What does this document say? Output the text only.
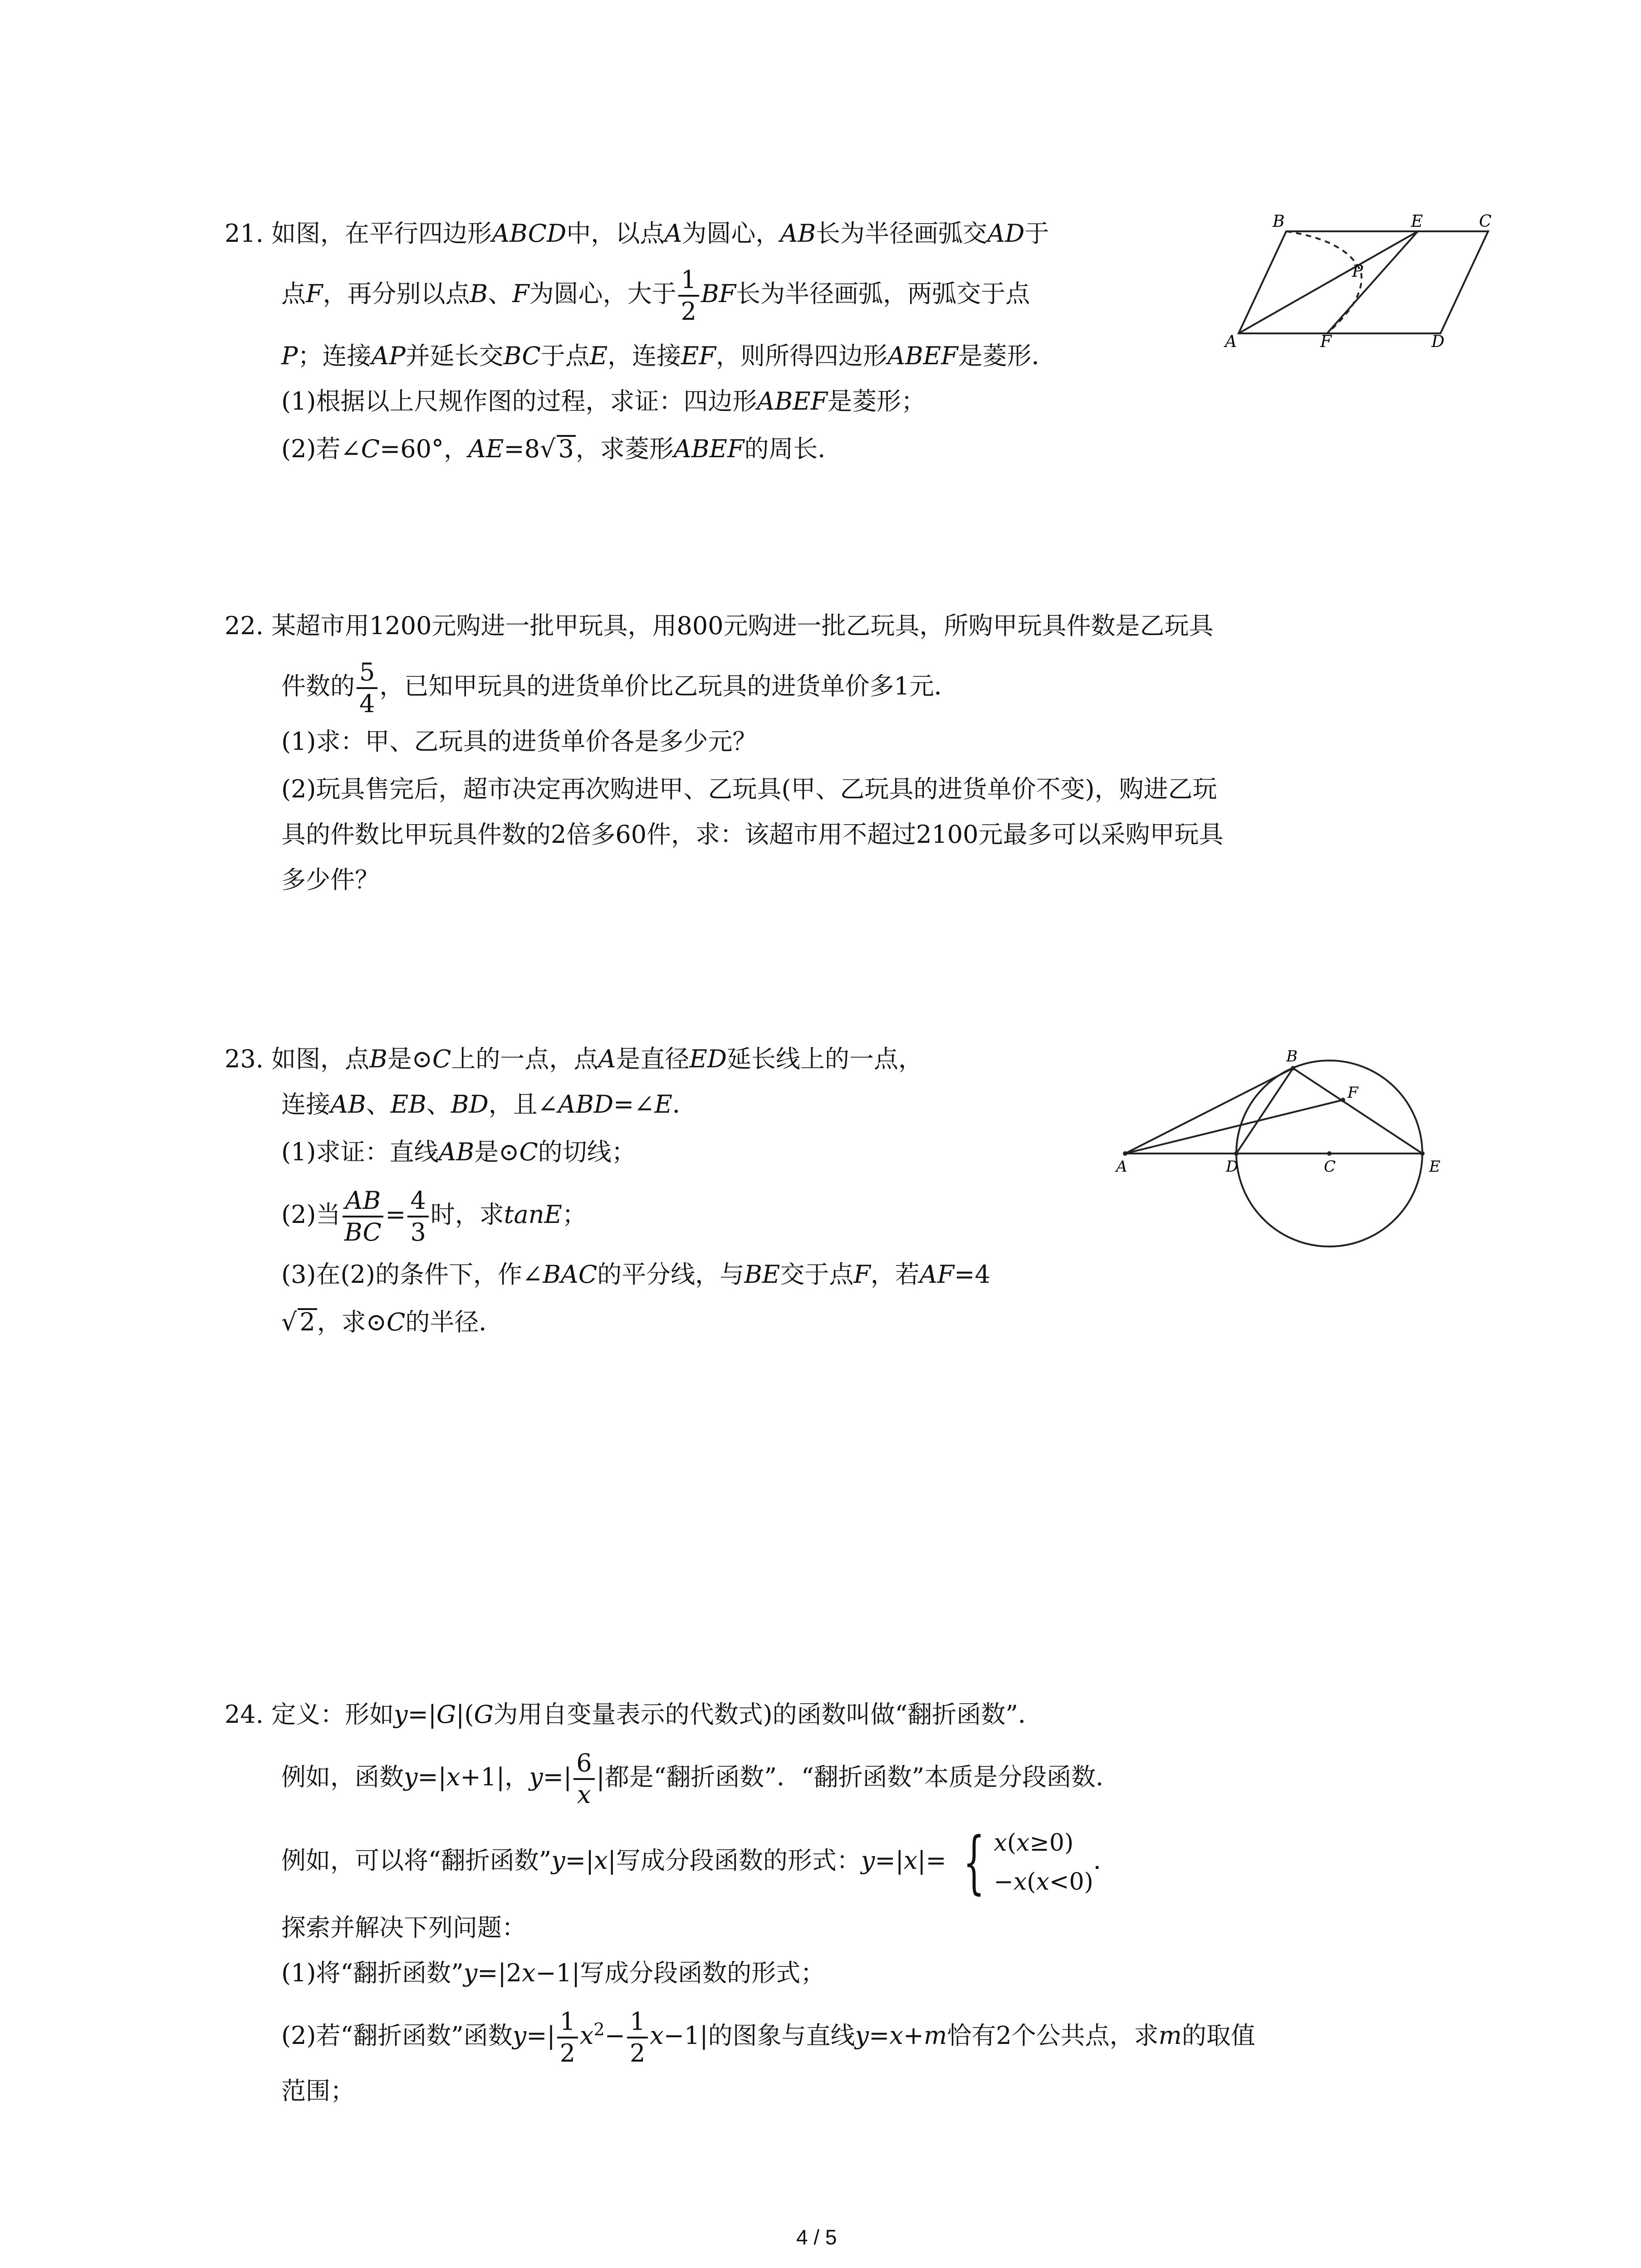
21. 如图，在平行四边形ABCD中，以点A为圆心，AB长为半径画弧交AD于
点F，再分别以点B、F为圆心，大于 $\frac{1}{2}$ BF长为半径画弧，两弧交于点
P；连接AP并延长交BC于点E，连接EF，则所得四边形ABEF是菱形．
(1)根据以上尺规作图的过程，求证：四边形ABEF是菱形；
(2)若∠C=60°，AE=8√ 3，求菱形ABEF的周长．
B	E	C
P
A	F	D
22. 某超市用1200元购进一批甲玩具，用800元购进一批乙玩具，所购甲玩具件数是乙玩具
件数的 $\frac{5}{4}$ ，已知甲玩具的进货单价比乙玩具的进货单价多1元．
(1)求：甲、乙玩具的进货单价各是多少元？
(2)玩具售完后，超市决定再次购进甲、乙玩具(甲、乙玩具的进货单价不变)，购进乙玩
具的件数比甲玩具件数的2倍多60件，求：该超市用不超过2100元最多可以采购甲玩具
多少件？
23. 如图，点B是⊙C上的一点，点A是直径ED延长线上的一点，
连接AB、EB、BD，且∠ABD=∠E．
(1)求证：直线AB是⊙C的切线；
(2)当 $\frac{AB}{BC} = \frac{4}{3}$ 时，求tanE；
(3)在(2)的条件下，作∠BAC的平分线，与BE交于点F，若AF=4
√ 2，求⊙C的半径．
B
F
A	D	C	E
24. 定义：形如y=|G|(G为用自变量表示的代数式)的函数叫做“翻折函数”．
例如，函数y=|x+1|，$y=| \frac{6}{x}$ |都是“翻折函数”．“翻折函数”本质是分段函数．
例如，可以将“翻折函数”y=|x|写成分段函数的形式：y=|x|= { x(x≥0)
−x(x<0)
．
探索并解决下列问题：
(1)将“翻折函数”y=|2x−1|写成分段函数的形式；
(2)若“翻折函数”函数$y=| \frac{1}{2} x^2- \frac{1}{2} x-1|$的图象与直线y=x+m恰有2个公共点，求m的取值
范围；
4 / 5
